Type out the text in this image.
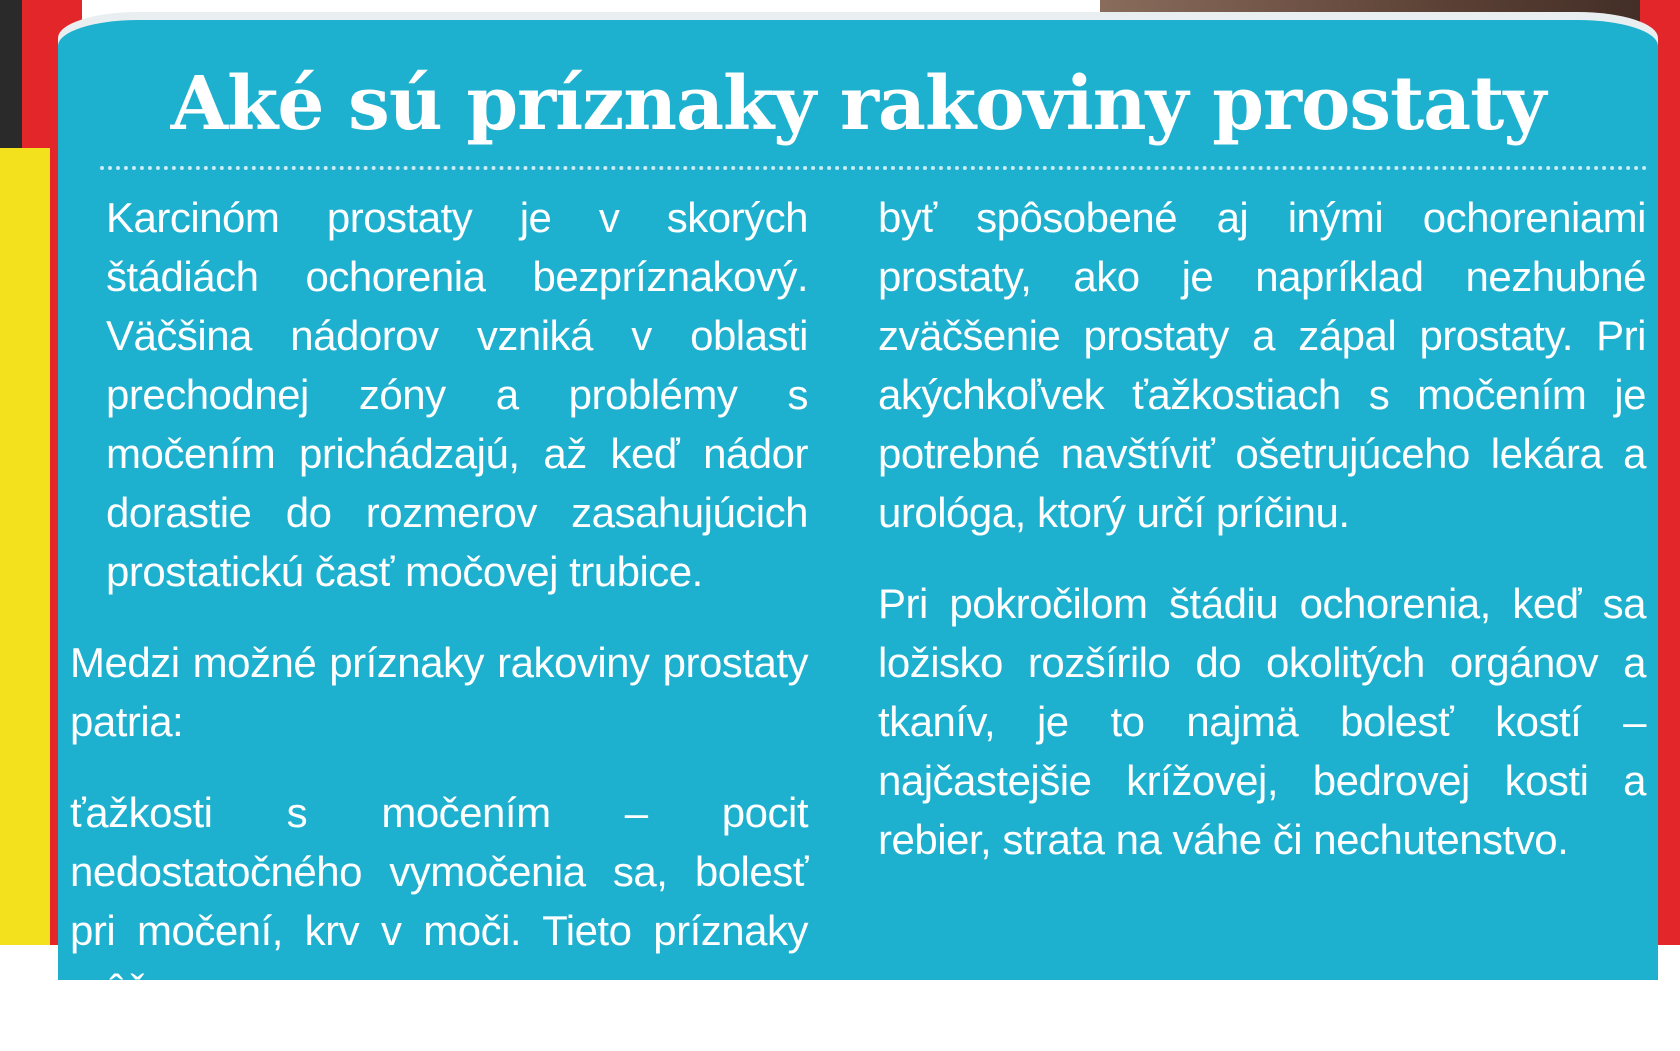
Aké sú príznaky rakoviny prostaty

Karcinóm prostaty je v skorých štádiách ochorenia bezpríznakový. Väčšina nádorov vzniká v oblasti prechodnej zóny a problémy s močením prichádzajú, až keď nádor dorastie do rozmerov zasahujúcich prostatickú časť močovej trubice.

Medzi možné príznaky rakoviny prostaty patria:

ťažkosti s močením – pocit nedostatočného vymočenia sa, bolesť pri močení, krv v moči. Tieto príznaky môžu

byť spôsobené aj inými ochoreniami prostaty, ako je napríklad nezhubné zväčšenie prostaty a zápal prostaty. Pri akýchkoľvek ťažkostiach s močením je potrebné navštíviť ošetrujúceho lekára a urológa, ktorý určí príčinu.

Pri pokročilom štádiu ochorenia, keď sa ložisko rozšírilo do okolitých orgánov a tkanív, je to najmä bolesť kostí – najčastejšie krížovej, bedrovej kosti a rebier, strata na váhe či nechutenstvo.
